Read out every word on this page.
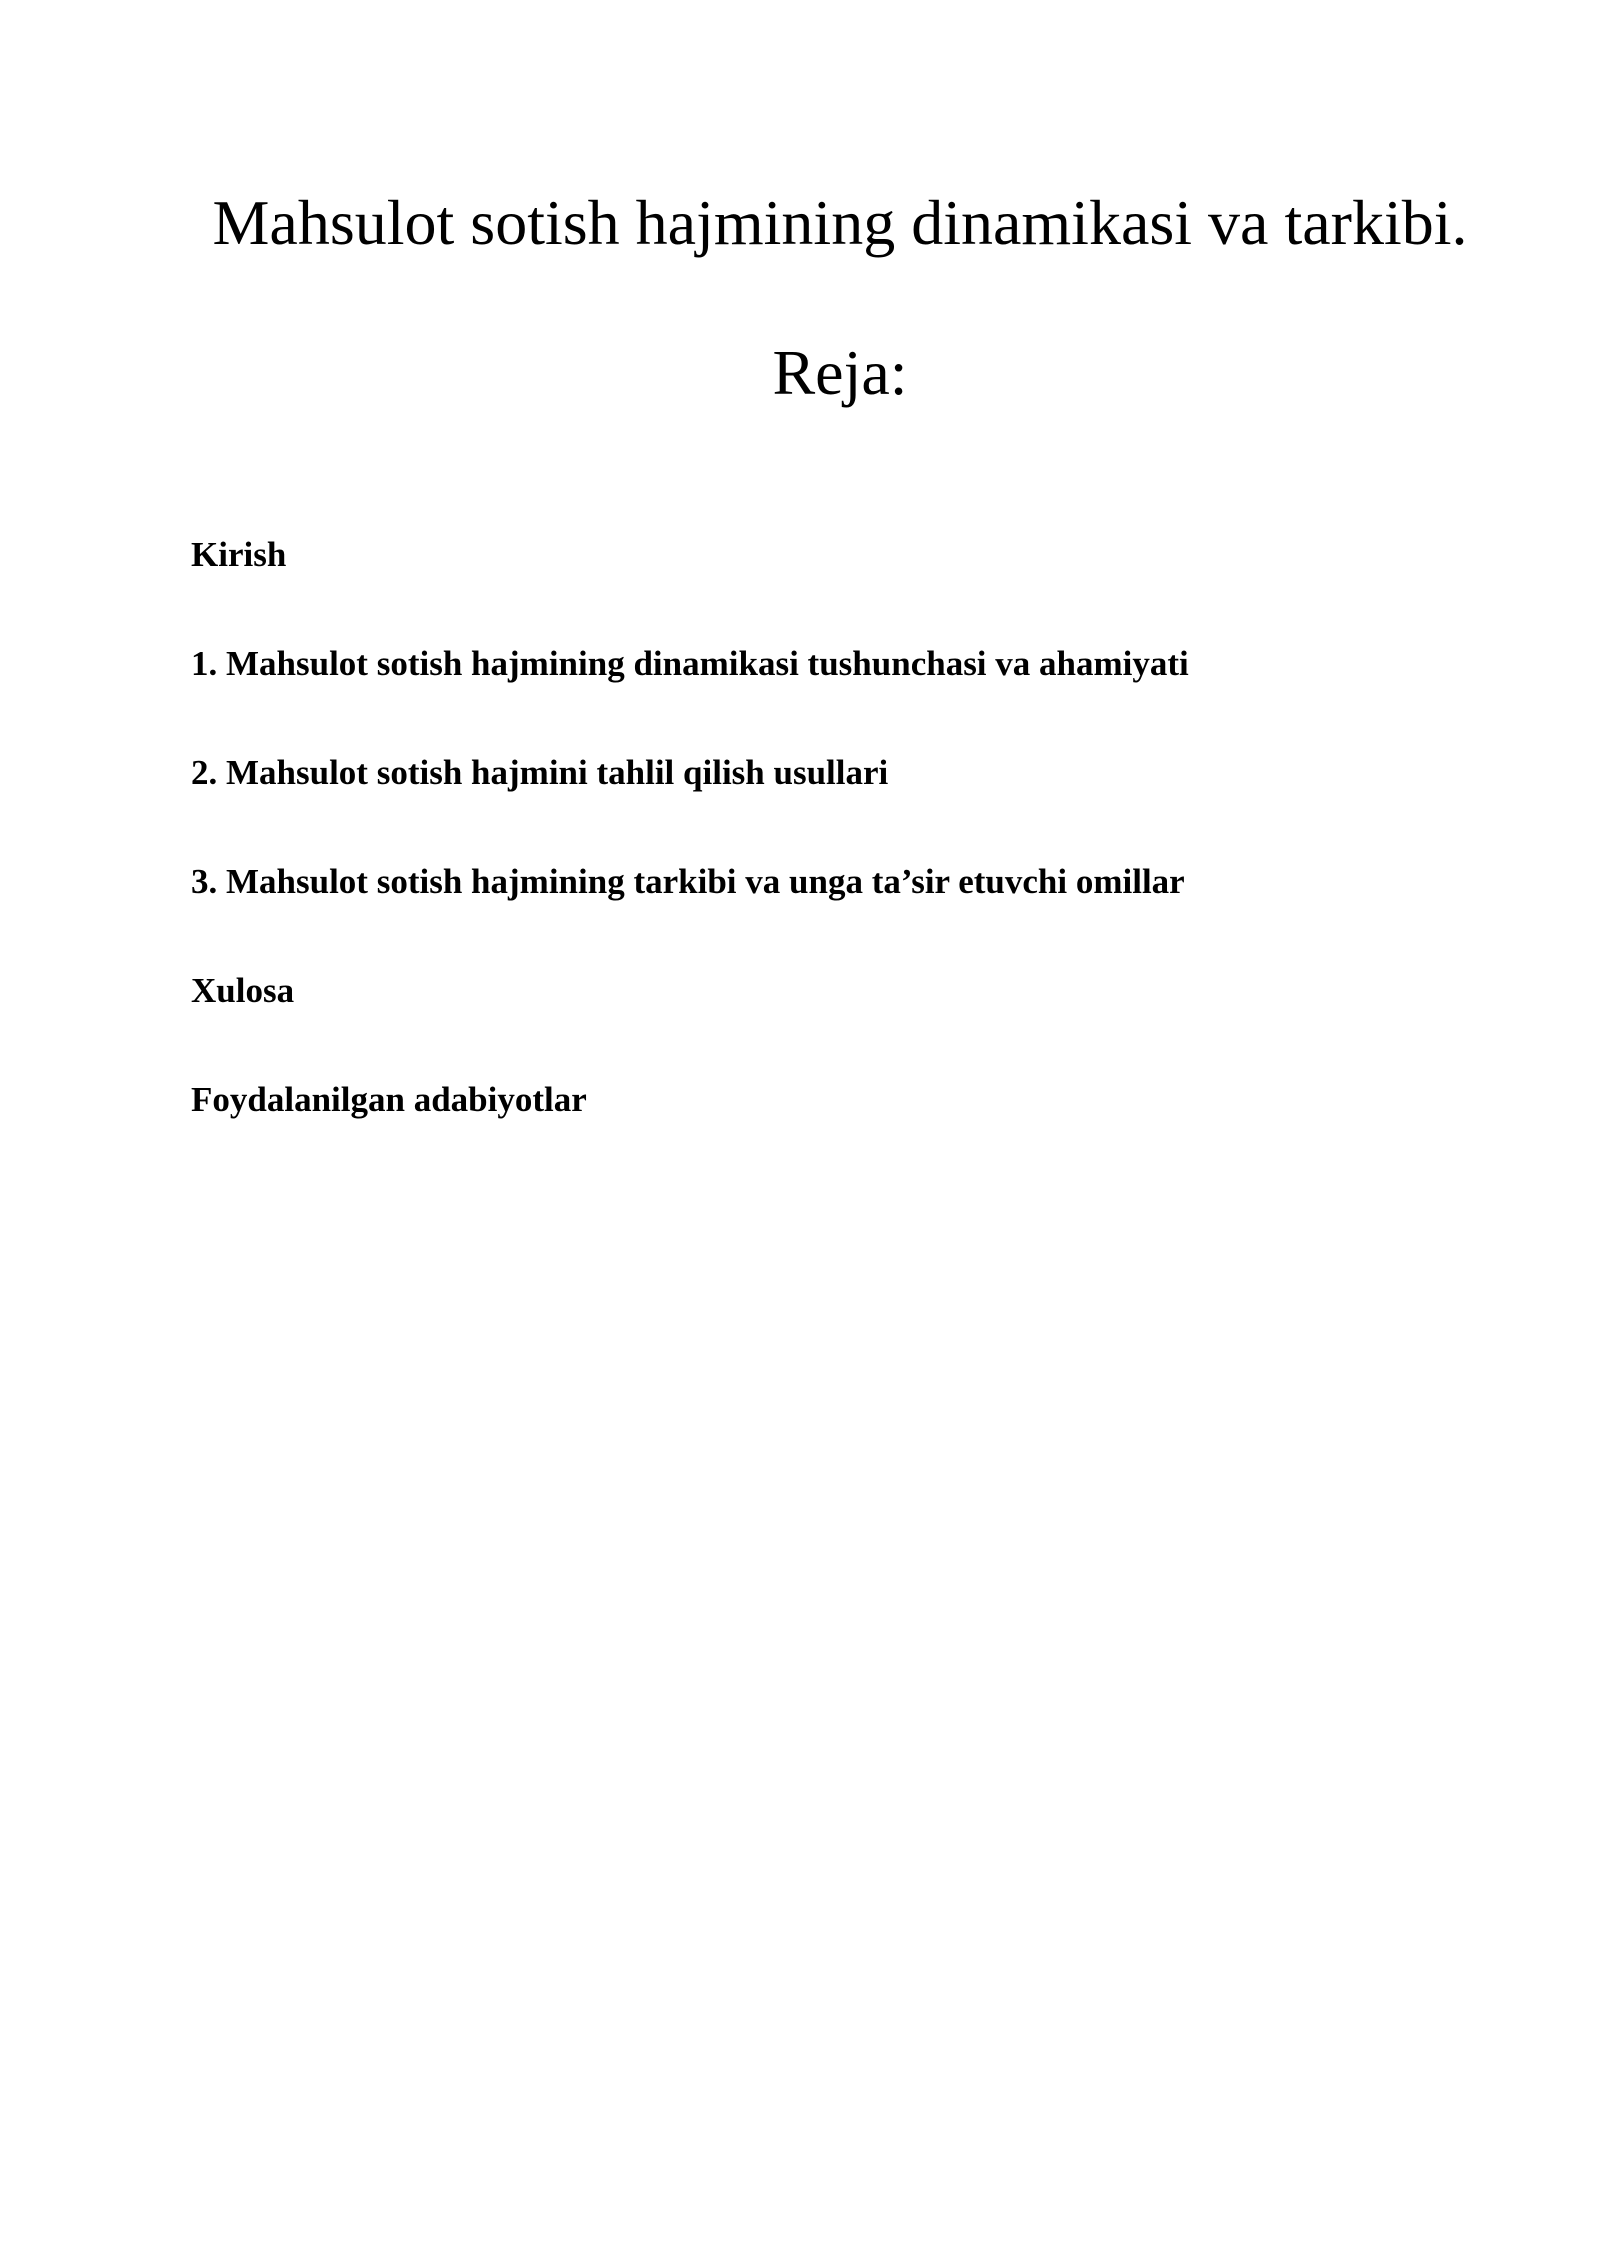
Mahsulot sotish hajmining dinamikasi va tarkibi.
Reja:
Kirish
1. Mahsulot sotish hajmining dinamikasi tushunchasi va ahamiyati
2. Mahsulot sotish hajmini tahlil qilish usullari
3. Mahsulot sotish hajmining tarkibi va unga ta’sir etuvchi omillar
Xulosa
Foydalanilgan adabiyotlar
